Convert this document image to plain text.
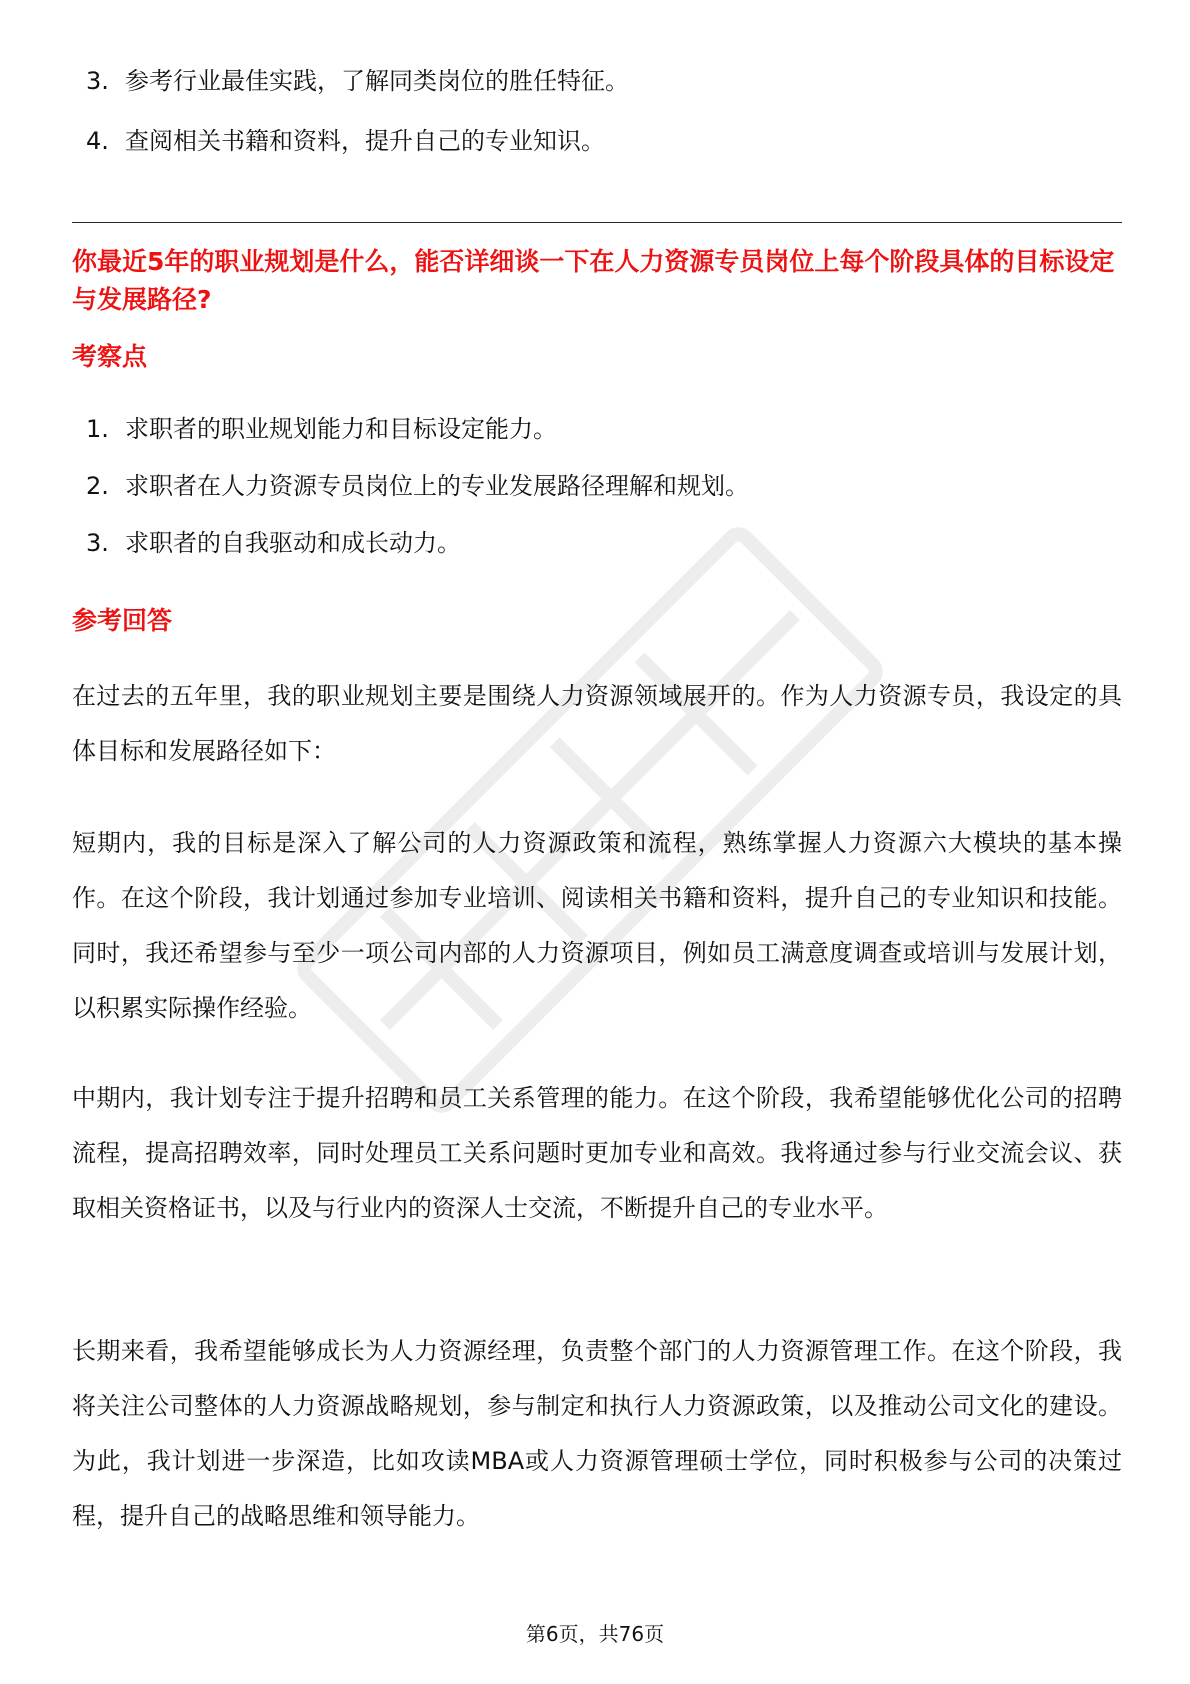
3. 参考行业最佳实践，了解同类岗位的胜任特征。
4. 查阅相关书籍和资料，提升自己的专业知识。
你最近5年的职业规划是什么，能否详细谈一下在人力资源专员岗位上每个阶段具体的目标设定与发展路径?
考察点
1. 求职者的职业规划能力和目标设定能力。
2. 求职者在人力资源专员岗位上的专业发展路径理解和规划。
3. 求职者的自我驱动和成长动力。
参考回答

在过去的五年里，我的职业规划主要是围绕人力资源领域展开的。作为人力资源专员，我设定的具体目标和发展路径如下：

短期内，我的目标是深入了解公司的人力资源政策和流程，熟练掌握人力资源六大模块的基本操作。在这个阶段，我计划通过参加专业培训、阅读相关书籍和资料，提升自己的专业知识和技能。同时，我还希望参与至少一项公司内部的人力资源项目，例如员工满意度调查或培训与发展计划，以积累实际操作经验。

中期内，我计划专注于提升招聘和员工关系管理的能力。在这个阶段，我希望能够优化公司的招聘流程，提高招聘效率，同时处理员工关系问题时更加专业和高效。我将通过参与行业交流会议、获取相关资格证书，以及与行业内的资深人士交流，不断提升自己的专业水平。

长期来看，我希望能够成长为人力资源经理，负责整个部门的人力资源管理工作。在这个阶段，我将关注公司整体的人力资源战略规划，参与制定和执行人力资源政策，以及推动公司文化的建设。为此，我计划进一步深造，比如攻读MBA或人力资源管理硕士学位，同时积极参与公司的决策过程，提升自己的战略思维和领导能力。

第6页，共76页
